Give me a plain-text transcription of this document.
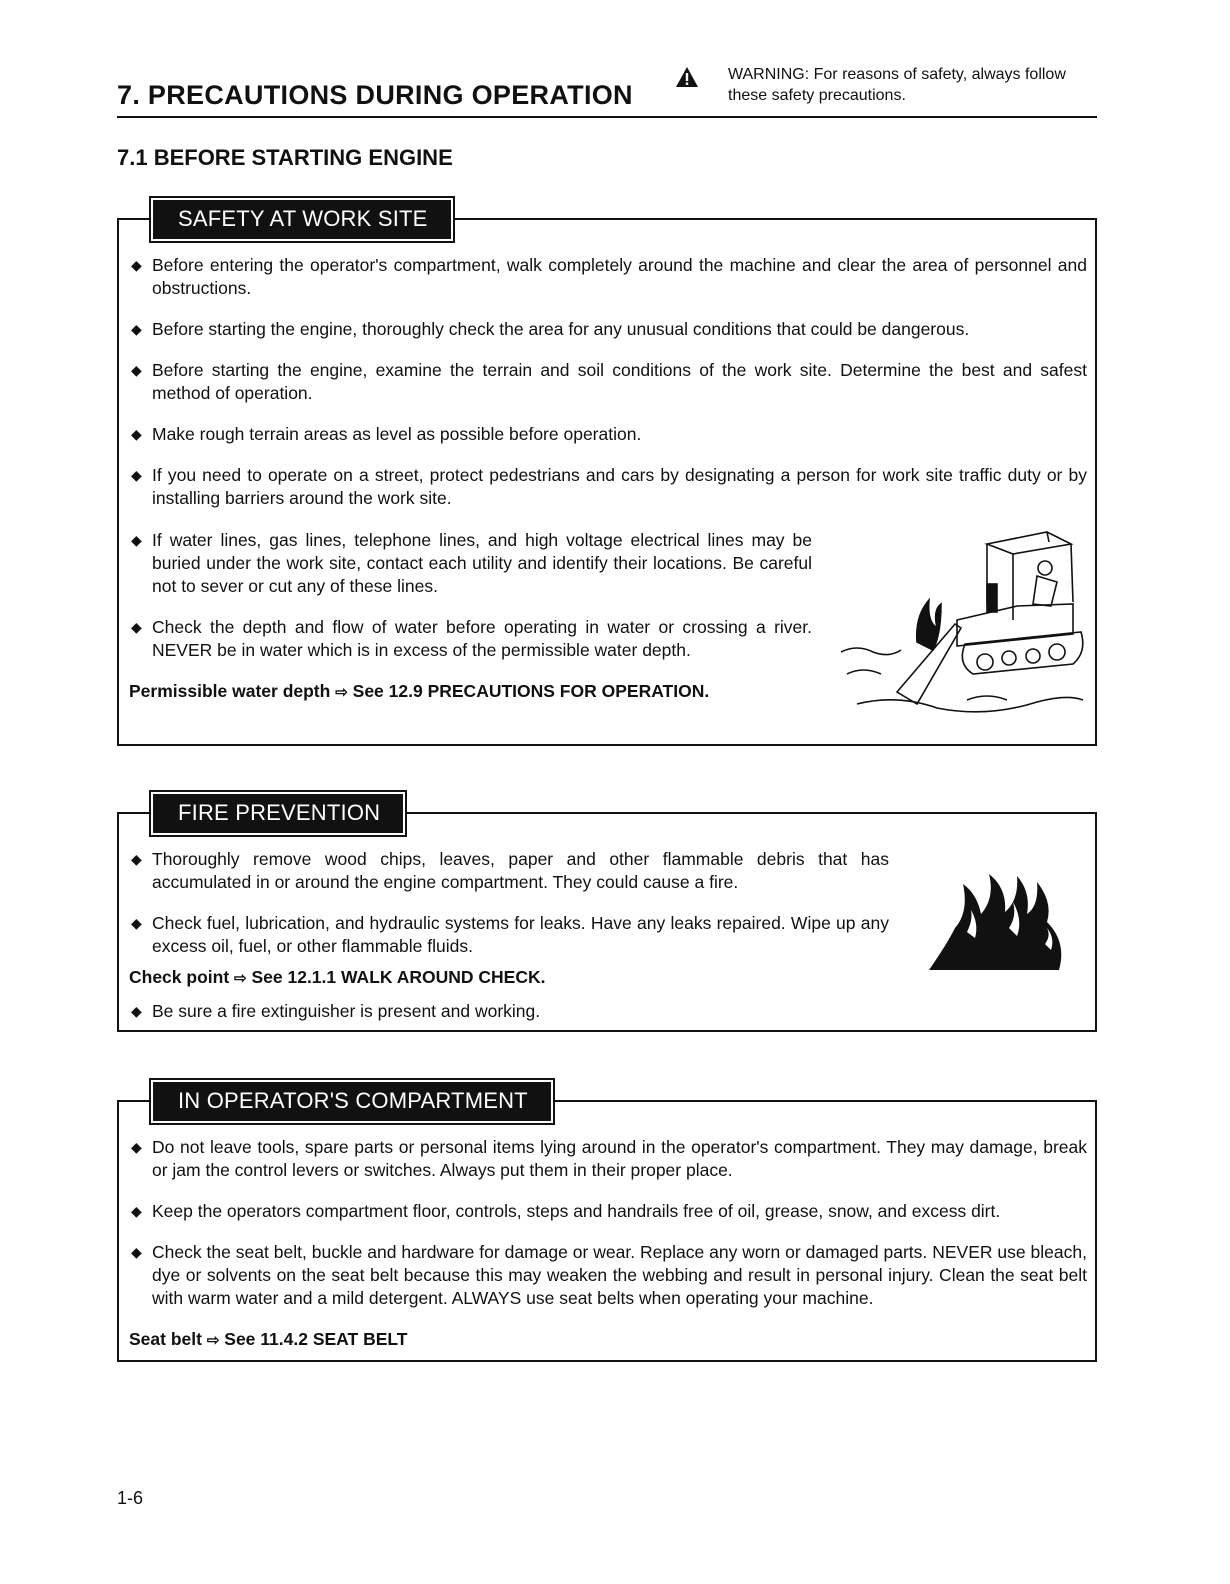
7. PRECAUTIONS DURING OPERATION
WARNING: For reasons of safety, always follow these safety precautions.
7.1 BEFORE STARTING ENGINE
SAFETY AT WORK SITE
◆ Before entering the operator's compartment, walk completely around the machine and clear the area of personnel and obstructions.
◆ Before starting the engine, thoroughly check the area for any unusual conditions that could be dangerous.
◆ Before starting the engine, examine the terrain and soil conditions of the work site. Determine the best and safest method of operation.
◆ Make rough terrain areas as level as possible before operation.
◆ If you need to operate on a street, protect pedestrians and cars by designating a person for work site traffic duty or by installing barriers around the work site.
◆ If water lines, gas lines, telephone lines, and high voltage electrical lines may be buried under the work site, contact each utility and identify their locations. Be careful not to sever or cut any of these lines.
◆ Check the depth and flow of water before operating in water or crossing a river. NEVER be in water which is in excess of the permissible water depth.
Permissible water depth ⇨ See 12.9 PRECAUTIONS FOR OPERATION.
FIRE PREVENTION
◆ Thoroughly remove wood chips, leaves, paper and other flammable debris that has accumulated in or around the engine compartment. They could cause a fire.
◆ Check fuel, lubrication, and hydraulic systems for leaks. Have any leaks repaired. Wipe up any excess oil, fuel, or other flammable fluids.
Check point ⇨ See 12.1.1 WALK AROUND CHECK.
◆ Be sure a fire extinguisher is present and working.
IN OPERATOR'S COMPARTMENT
◆ Do not leave tools, spare parts or personal items lying around in the operator's compartment. They may damage, break or jam the control levers or switches. Always put them in their proper place.
◆ Keep the operators compartment floor, controls, steps and handrails free of oil, grease, snow, and excess dirt.
◆ Check the seat belt, buckle and hardware for damage or wear. Replace any worn or damaged parts. NEVER use bleach, dye or solvents on the seat belt because this may weaken the webbing and result in personal injury. Clean the seat belt with warm water and a mild detergent. ALWAYS use seat belts when operating your machine.
Seat belt ⇨ See 11.4.2 SEAT BELT
1-6
